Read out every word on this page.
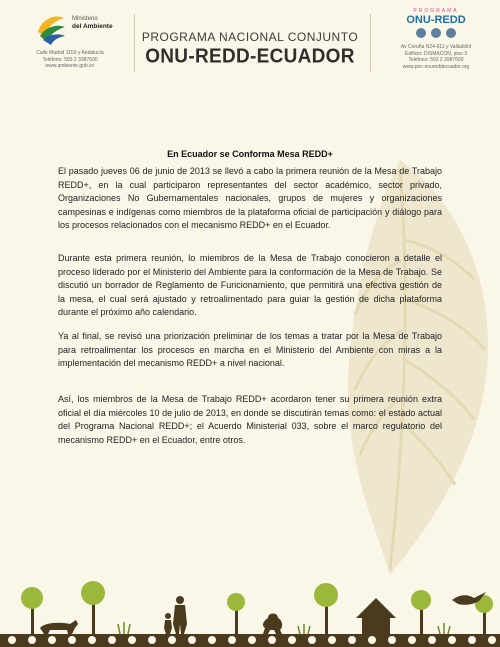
Ministerio
del Ambiente
Calle Madrid 1159 y Andalucía
Teléfono: 593 2 3987600
www.ambiente.gob.ec
PROGRAMA NACIONAL CONJUNTO
ONU-REDD-ECUADOR
PROGRAMA
ONU-REDD
Av Coruña N24-611 y Valladolid
Edificio: DISMACON, piso 3
Teléfono: 593 2 3987600
www.pnc-onureddecuador.org
En Ecuador se Conforma Mesa REDD+

El pasado jueves 06 de junio de 2013 se llevó a cabo la primera reunión de la Mesa de Trabajo REDD+, en la cual participaron representantes del sector académico, sector privado, Organizaciones No Gubernamentales nacionales, grupos de mujeres y organizaciones campesinas e indígenas como miembros de la plataforma oficial de participación y diálogo para los procesos relacionados con el mecanismo REDD+ en el Ecuador.

Durante esta primera reunión, lo miembros de la Mesa de Trabajo conocieron a detalle el proceso liderado por el Ministerio del Ambiente para la conformación de la Mesa de Trabajo. Se discutió un borrador de Reglamento de Funcionamiento, que permitirá una efectiva gestión de la mesa, el cual será ajustado y retroalimentado para guiar la gestión de dicha plataforma durante el próximo año calendario.

Ya al final, se revisó una priorización preliminar de los temas a tratar por la Mesa de Trabajo para retroalimentar los procesos en marcha en el Ministerio del Ambiente con miras a la implementación del mecanismo REDD+ a nivel nacional.

Así, los miembros de la Mesa de Trabajo REDD+ acordaron tener su primera reunión extra oficial el día miércoles 10 de julio de 2013, en donde se discutirán temas como: el estado actual del Programa Nacional REDD+; el Acuerdo Ministerial 033, sobre el marco regulatorio del mecanismo REDD+ en el Ecuador, entre otros.
